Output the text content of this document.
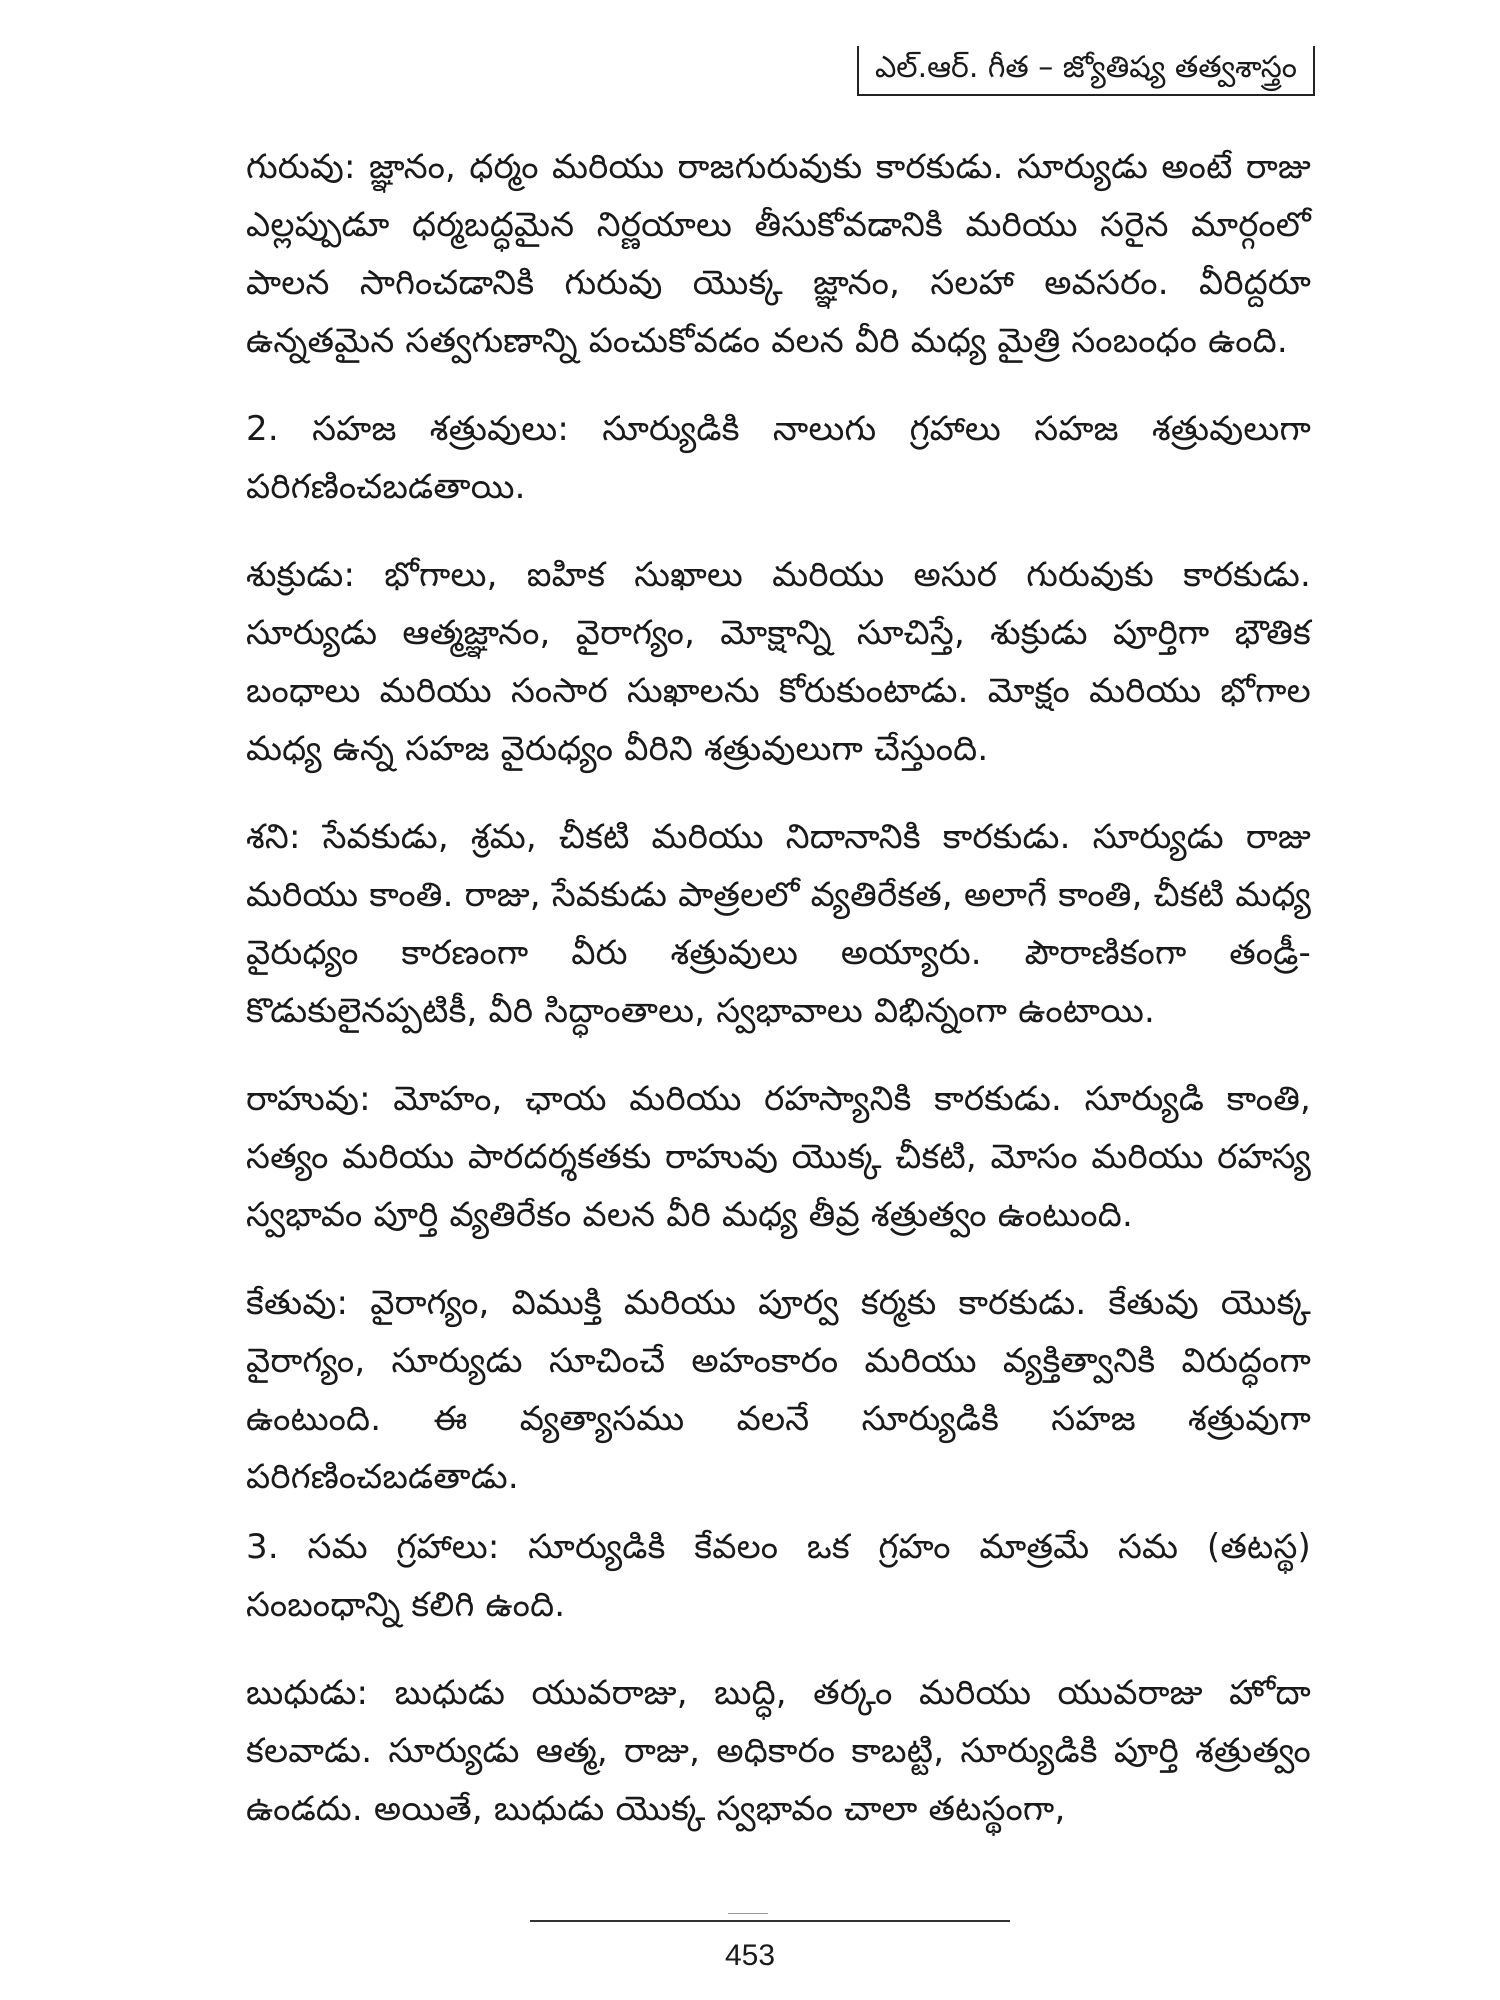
ఎల్.ఆర్. గీత – జ్యోతిష్య తత్వశాస్త్రం

గురువు: జ్ఞానం, ధర్మం మరియు రాజగురువుకు కారకుడు. సూర్యుడు అంటే రాజు ఎల్లప్పుడూ ధర్మబద్ధమైన నిర్ణయాలు తీసుకోవడానికి మరియు సరైన మార్గంలో పాలన సాగించడానికి గురువు యొక్క జ్ఞానం, సలహా అవసరం. వీరిద్దరూ ఉన్నతమైన సత్వగుణాన్ని పంచుకోవడం వలన వీరి మధ్య మైత్రి సంబంధం ఉంది.

2. సహజ శత్రువులు: సూర్యుడికి నాలుగు గ్రహాలు సహజ శత్రువులుగా పరిగణించబడతాయి.

శుక్రుడు: భోగాలు, ఐహిక సుఖాలు మరియు అసుర గురువుకు కారకుడు. సూర్యుడు ఆత్మజ్ఞానం, వైరాగ్యం, మోక్షాన్ని సూచిస్తే, శుక్రుడు పూర్తిగా భౌతిక బంధాలు మరియు సంసార సుఖాలను కోరుకుంటాడు. మోక్షం మరియు భోగాల మధ్య ఉన్న సహజ వైరుధ్యం వీరిని శత్రువులుగా చేస్తుంది.

శని: సేవకుడు, శ్రమ, చీకటి మరియు నిదానానికి కారకుడు. సూర్యుడు రాజు మరియు కాంతి. రాజు, సేవకుడు పాత్రలలో వ్యతిరేకత, అలాగే కాంతి, చీకటి మధ్య వైరుధ్యం కారణంగా వీరు శత్రువులు అయ్యారు. పౌరాణికంగా తండ్రీ-కొడుకులైనప్పటికీ, వీరి సిద్ధాంతాలు, స్వభావాలు విభిన్నంగా ఉంటాయి.

రాహువు: మోహం, ఛాయ మరియు రహస్యానికి కారకుడు. సూర్యుడి కాంతి, సత్యం మరియు పారదర్శకతకు రాహువు యొక్క చీకటి, మోసం మరియు రహస్య స్వభావం పూర్తి వ్యతిరేకం వలన వీరి మధ్య తీవ్ర శత్రుత్వం ఉంటుంది.

కేతువు: వైరాగ్యం, విముక్తి మరియు పూర్వ కర్మకు కారకుడు. కేతువు యొక్క వైరాగ్యం, సూర్యుడు సూచించే అహంకారం మరియు వ్యక్తిత్వానికి విరుద్ధంగా ఉంటుంది. ఈ వ్యత్యాసము వలనే సూర్యుడికి సహజ శత్రువుగా పరిగణించబడతాడు.

3. సమ గ్రహాలు: సూర్యుడికి కేవలం ఒక గ్రహం మాత్రమే సమ (తటస్థ) సంబంధాన్ని కలిగి ఉంది.

బుధుడు: బుధుడు యువరాజు, బుద్ధి, తర్కం మరియు యువరాజు హోదా కలవాడు. సూర్యుడు ఆత్మ, రాజు, అధికారం కాబట్టి, సూర్యుడికి పూర్తి శత్రుత్వం ఉండదు. అయితే, బుధుడు యొక్క స్వభావం చాలా తటస్థంగా,

453
